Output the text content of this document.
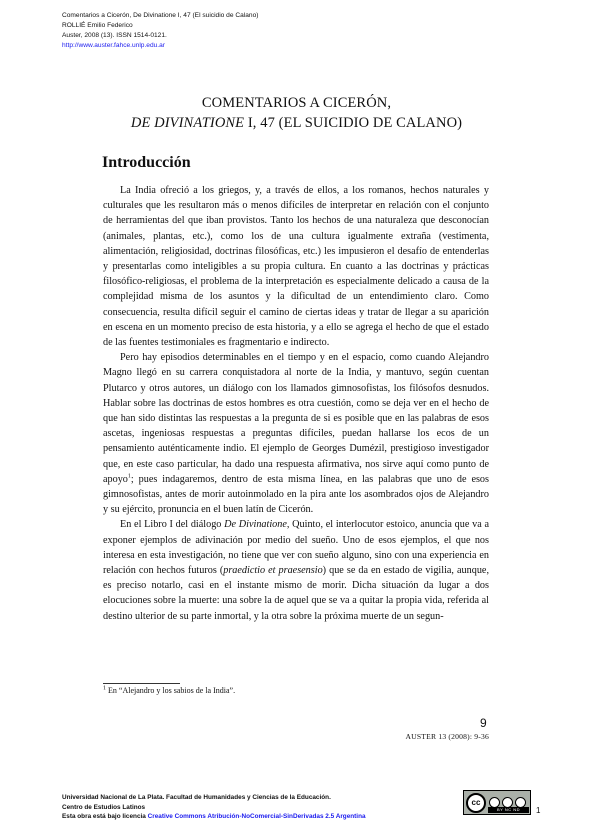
Comentarios a Cicerón, De Divinatione I, 47 (El suicidio de Calano)
ROLLIÉ Emilio Federico
Auster, 2008 (13). ISSN 1514-0121.
http://www.auster.fahce.unlp.edu.ar
COMENTARIOS A CICERÓN,
DE DIVINATIONE I, 47 (EL SUICIDIO DE CALANO)
Introducción

La India ofreció a los griegos, y, a través de ellos, a los romanos, hechos naturales y culturales que les resultaron más o menos difíciles de interpretar en relación con el conjunto de herramientas del que iban provistos. Tanto los hechos de una naturaleza que desconocían (animales, plantas, etc.), como los de una cultura igualmente extraña (vestimenta, alimentación, religiosidad, doctrinas filosóficas, etc.) les impusieron el desafío de entenderlas y presentarlas como inteligibles a su propia cultura. En cuanto a las doctrinas y prácticas filosófico-religiosas, el problema de la interpretación es especialmente delicado a causa de la complejidad misma de los asuntos y la dificultad de un entendimiento claro. Como consecuencia, resulta difícil seguir el camino de ciertas ideas y tratar de llegar a su aparición en escena en un momento preciso de esta historia, y a ello se agrega el hecho de que el estado de las fuentes testimoniales es fragmentario e indirecto.

Pero hay episodios determinables en el tiempo y en el espacio, como cuando Alejandro Magno llegó en su carrera conquistadora al norte de la India, y mantuvo, según cuentan Plutarco y otros autores, un diálogo con los llamados gimnosofistas, los filósofos desnudos. Hablar sobre las doctrinas de estos hombres es otra cuestión, como se deja ver en el hecho de que han sido distintas las respuestas a la pregunta de si es posible que en las palabras de esos ascetas, ingeniosas respuestas a preguntas difíciles, puedan hallarse los ecos de un pensamiento auténticamente indio. El ejemplo de Georges Dumézil, prestigioso investigador que, en este caso particular, ha dado una respuesta afirmativa, nos sirve aquí como punto de apoyo$^1$; pues indagaremos, dentro de esta misma línea, en las palabras que uno de esos gimnosofistas, antes de morir autoinmolado en la pira ante los asombrados ojos de Alejandro y su ejército, pronuncia en el buen latín de Cicerón.

En el Libro I del diálogo De Divinatione, Quinto, el interlocutor estoico, anuncia que va a exponer ejemplos de adivinación por medio del sueño. Uno de esos ejemplos, el que nos interesa en esta investigación, no tiene que ver con sueño alguno, sino con una experiencia en relación con hechos futuros (praedictio et praesensio) que se da en estado de vigilia, aunque, es preciso notarlo, casi en el instante mismo de morir. Dicha situación da lugar a dos elocuciones sobre la muerte: una sobre la de aquel que se va a quitar la propia vida, referida al destino ulterior de su parte inmortal, y la otra sobre la próxima muerte de un segun-

$^1$ En “Alejandro y los sabios de la India”.
9
AUSTER 13 (2008): 9-36
Universidad Nacional de La Plata. Facultad de Humanidades y Ciencias de la Educación.
Centro de Estudios Latinos
Esta obra está bajo licencia Creative Commons Atribución-NoComercial-SinDerivadas 2.5 Argentina
cc
BY NC ND	1
